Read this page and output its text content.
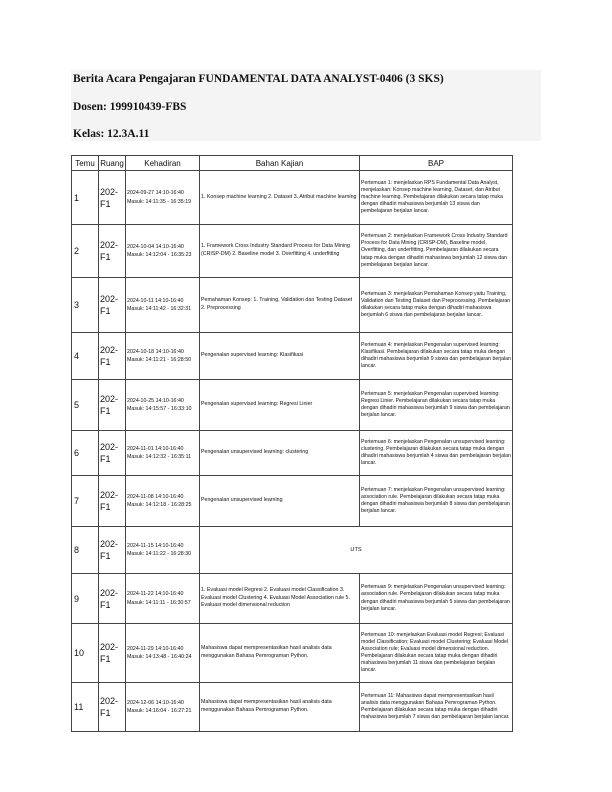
Berita Acara Pengajaran FUNDAMENTAL DATA ANALYST-0406 (3 SKS)
Dosen: 199910439-FBS
Kelas: 12.3A.11
Temu	Ruang	Kehadiran	Bahan Kajian	BAP
1	202-F1	2024-09-27 14:10-16:40
Masuk: 14:11:35 - 16:35:19	1. Konsep machine learning 2. Dataset 3. Atribut machine learning	Pertemuan 1: menjelaskan RPS Fundamental Data Analyst, menjelaskan: Konsep machine learning, Dataset, dan Atribut machine learning. Pembelajaran dilakukan secara tatap muka dengan dihadiri mahasiswa berjumlah 13 siswa dan pembelajaran berjalan lancar.
2	202-F1	2024-10-04 14:10-16:40
Masuk: 14:12:04 - 16:35:23	1. Framework Cross Industry Standard Process for Data Mining (CRISP-DM) 2. Baseline model 3. Overfitting 4. underfitting	Pertemuan 2: menjelaskan Framework Cross Industry Standard Process for Data Mining (CRISP-DM), Baseline model, Overfitting, dan underfitting. Pembelajaran dilakukan secara tatap muka dengan dihadiri mahasiswa berjumlah 12 siswa dan pembelajaran berjalan lancar.
3	202-F1	2024-10-11 14:10-16:40
Masuk: 14:11:42 - 16:32:31	Pemahaman Konsep: 1. Training, Validation dan Testing Dataset 2. Preprocessing	Pertemuan 3: menjelaskan Pemahaman Konsep yaitu Training, Validation dan Testing Dataset dan Preprocessing. Pembelajaran dilakukan secara tatap muka dengan dihadiri mahasiswa berjumlah 6 siswa dan pembelajaran berjalan lancar.
4	202-F1	2024-10-18 14:10-16:40
Masuk: 14:11:21 - 16:28:50	Pengenalan supervised learning: Klasifikasi	Pertemuan 4: menjelaskan Pengenalan supervised learning: Klasifikasi. Pembelajaran dilakukan secara tatap muka dengan dihadiri mahasiswa berjumlah 9 siswa dan pembelajaran berjalan lancar.
5	202-F1	2024-10-25 14:10-16:40
Masuk: 14:15:57 - 16:33:10	Pengenalan supervised learning: Regresi Linier	Pertemuan 5: menjelaskan Pengenalan supervised learning: Regresi Linier. Pembelajaran dilakukan secara tatap muka dengan dihadiri mahasiswa berjumlah 9 siswa dan pembelajaran berjalan lancar.
6	202-F1	2024-11-01 14:10-16:40
Masuk: 14:12:32 - 16:35:11	Pengenalan unsupervised learning: clustering	Pertemuan 6: menjelaskan Pengenalan unsupervised learning: clustering. Pembelajaran dilakukan secara tatap muka dengan dihadiri mahasiswa berjumlah 4 siswa dan pembelajaran berjalan lancar.
7	202-F1	2024-11-08 14:10-16:40
Masuk: 14:12:18 - 16:28:25	Pengenalan unsupervised learning	Pertemuan 7: menjelaskan Pengenalan unsupervised learning: association rule. Pembelajaran dilakukan secara tatap muka dengan dihadiri mahasiswa berjumlah 8 siswa dan pembelajaran berjalan lancar.
8	202-F1	2024-11-15 14:10-16:40
Masuk: 14:11:22 - 16:28:30	UTS	
9	202-F1	2024-11-22 14:10-16:40
Masuk: 14:11:11 - 16:30:57	1. Evaluasi model Regresi 2. Evaluasi model Classification 3. Evaluasi model Clustering 4. Evaluasi Model Association rule 5. Evaluasi model dimensional reduction	Pertemuan 9: menjelaskan Pengenalan unsupervised learning: association rule. Pembelajaran dilakukan secara tatap muka dengan dihadiri mahasiswa berjumlah 5 siswa dan pembelajaran berjalan lancar.
10	202-F1	2024-11-29 14:10-16:40
Masuk: 14:13:48 - 16:40:24	Mahasiswa dapat mempresentasikan hasil analisis data menggunakan Bahasa Pemrograman Python.	Pertemuan 10: menjelaskan Evaluasi model Regresi; Evaluasi model Classification; Evaluasi model Clustering; Evaluasi Model Association rule; Evaluasi model dimensional reduction. Pembelajaran dilakukan secara tatap muka dengan dihadiri mahasiswa berjumlah 11 siswa dan pembelajaran berjalan lancar.
11	202-F1	2024-12-06 14:10-16:40
Masuk: 14:16:04 - 16:27:21	Mahasiswa dapat mempresentasikan hasil analisis data menggunakan Bahasa Pemrograman Python.	Pertemuan 11: Mahasiswa dapat mempresentasikan hasil analisis data menggunakan Bahasa Pemrograman Python. Pembelajaran dilakukan secara tatap muka dengan dihadiri mahasiswa berjumlah 7 siswa dan pembelajaran berjalan lancar.
